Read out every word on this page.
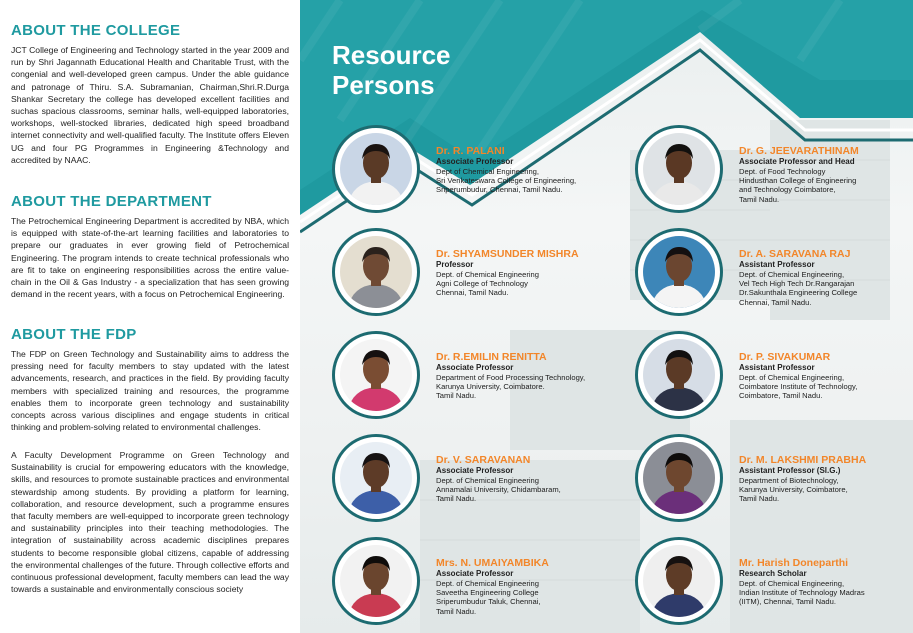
ABOUT THE COLLEGE

JCT College of Engineering and Technology started in the year 2009 and run by Shri Jagannath Educational Health and Charitable Trust, with the congenial and well-developed green campus. Under the able guidance and patronage of Thiru. S.A. Subramanian, Chairman,Shri.R.Durga Shankar Secretary the college has developed excellent facilities and suchas spacious classrooms, seminar halls, well-equipped laboratories, workshops, well-stocked libraries, dedicated high speed broadband internet connectivity and well-qualified faculty. The Institute offers Eleven UG and four PG Programmes in Engineering &Technology and accredited by NAAC.

ABOUT THE DEPARTMENT

The Petrochemical Engineering Department is accredited by NBA, which is equipped with state-of-the-art learning facilities and laboratories to prepare our graduates in ever growing field of Petrochemical Engineering. The program intends to create technical professionals who are fit to take on engineering responsibilities across the entire value-chain in the Oil & Gas Industry - a specialization that has seen growing demand in the recent years, with a focus on Petrochemical Engineering.

ABOUT THE FDP

The FDP on Green Technology and Sustainability aims to address the pressing need for faculty members to stay updated with the latest advancements, research, and practices in the field. By providing faculty members with specialized training and resources, the programme enables them to incorporate green technology and sustainability concepts across various disciplines and engage students in critical thinking and problem-solving related to environmental challenges.

A Faculty Development Programme on Green Technology and Sustainability is crucial for empowering educators with the knowledge, skills, and resources to promote sustainable practices and environmental stewardship among students. By providing a platform for learning, collaboration, and resource development, such a programme ensures that faculty members are well-equipped to incorporate green technology and sustainability principles into their teaching methodologies. The integration of sustainability across academic disciplines prepares students to become responsible global citizens, capable of addressing the environmental challenges of the future. Through collective efforts and continuous professional development, faculty members can lead the way towards a sustainable and environmentally conscious society

Resource
Persons

Dr. R. PALANI

Associate Professor

Dept of Chemical Engineering,

Sri Venkateswara College of Engineering,

Sriperumbudur, Chennai, Tamil Nadu.

Dr. SHYAMSUNDER MISHRA

Professor

Dept. of Chemical Engineering

Agni College of Technology

Chennai, Tamil Nadu.

Dr. R.EMILIN RENITTA

Associate Professor

Department of Food Processing Technology,

Karunya University, Coimbatore.

Tamil Nadu.

Dr. V. SARAVANAN

Associate Professor

Dept. of Chemical Engineering

Annamalai University, Chidambaram,

Tamil Nadu.

Mrs. N. UMAIYAMBIKA

Associate Professor

Dept. of Chemical Engineering

Saveetha Engineering College

Sriperumbudur Taluk, Chennai,

Tamil Nadu.

Dr. G. JEEVARATHINAM

Associate Professor and Head

Dept. of Food Technology

Hindusthan College of Engineering

and Technology Coimbatore,

Tamil Nadu.

Dr. A. SARAVANA RAJ

Assistant Professor

Dept. of Chemical Engineering,

Vel Tech High Tech Dr.Rangarajan

Dr.Sakunthala Engineering College

Chennai, Tamil Nadu.

Dr. P. SIVAKUMAR

Assistant Professor

Dept. of Chemical Engineering,

Coimbatore Institute of Technology,

Coimbatore, Tamil Nadu.

Dr. M. LAKSHMI PRABHA

Assistant Professor (Sl.G.)

Department of Biotechnology,

Karunya University, Coimbatore,

Tamil Nadu.

Mr. Harish Doneparthi

Research Scholar

Dept. of Chemical Engineering,

Indian Institute of Technology Madras

(IITM), Chennai, Tamil Nadu.
